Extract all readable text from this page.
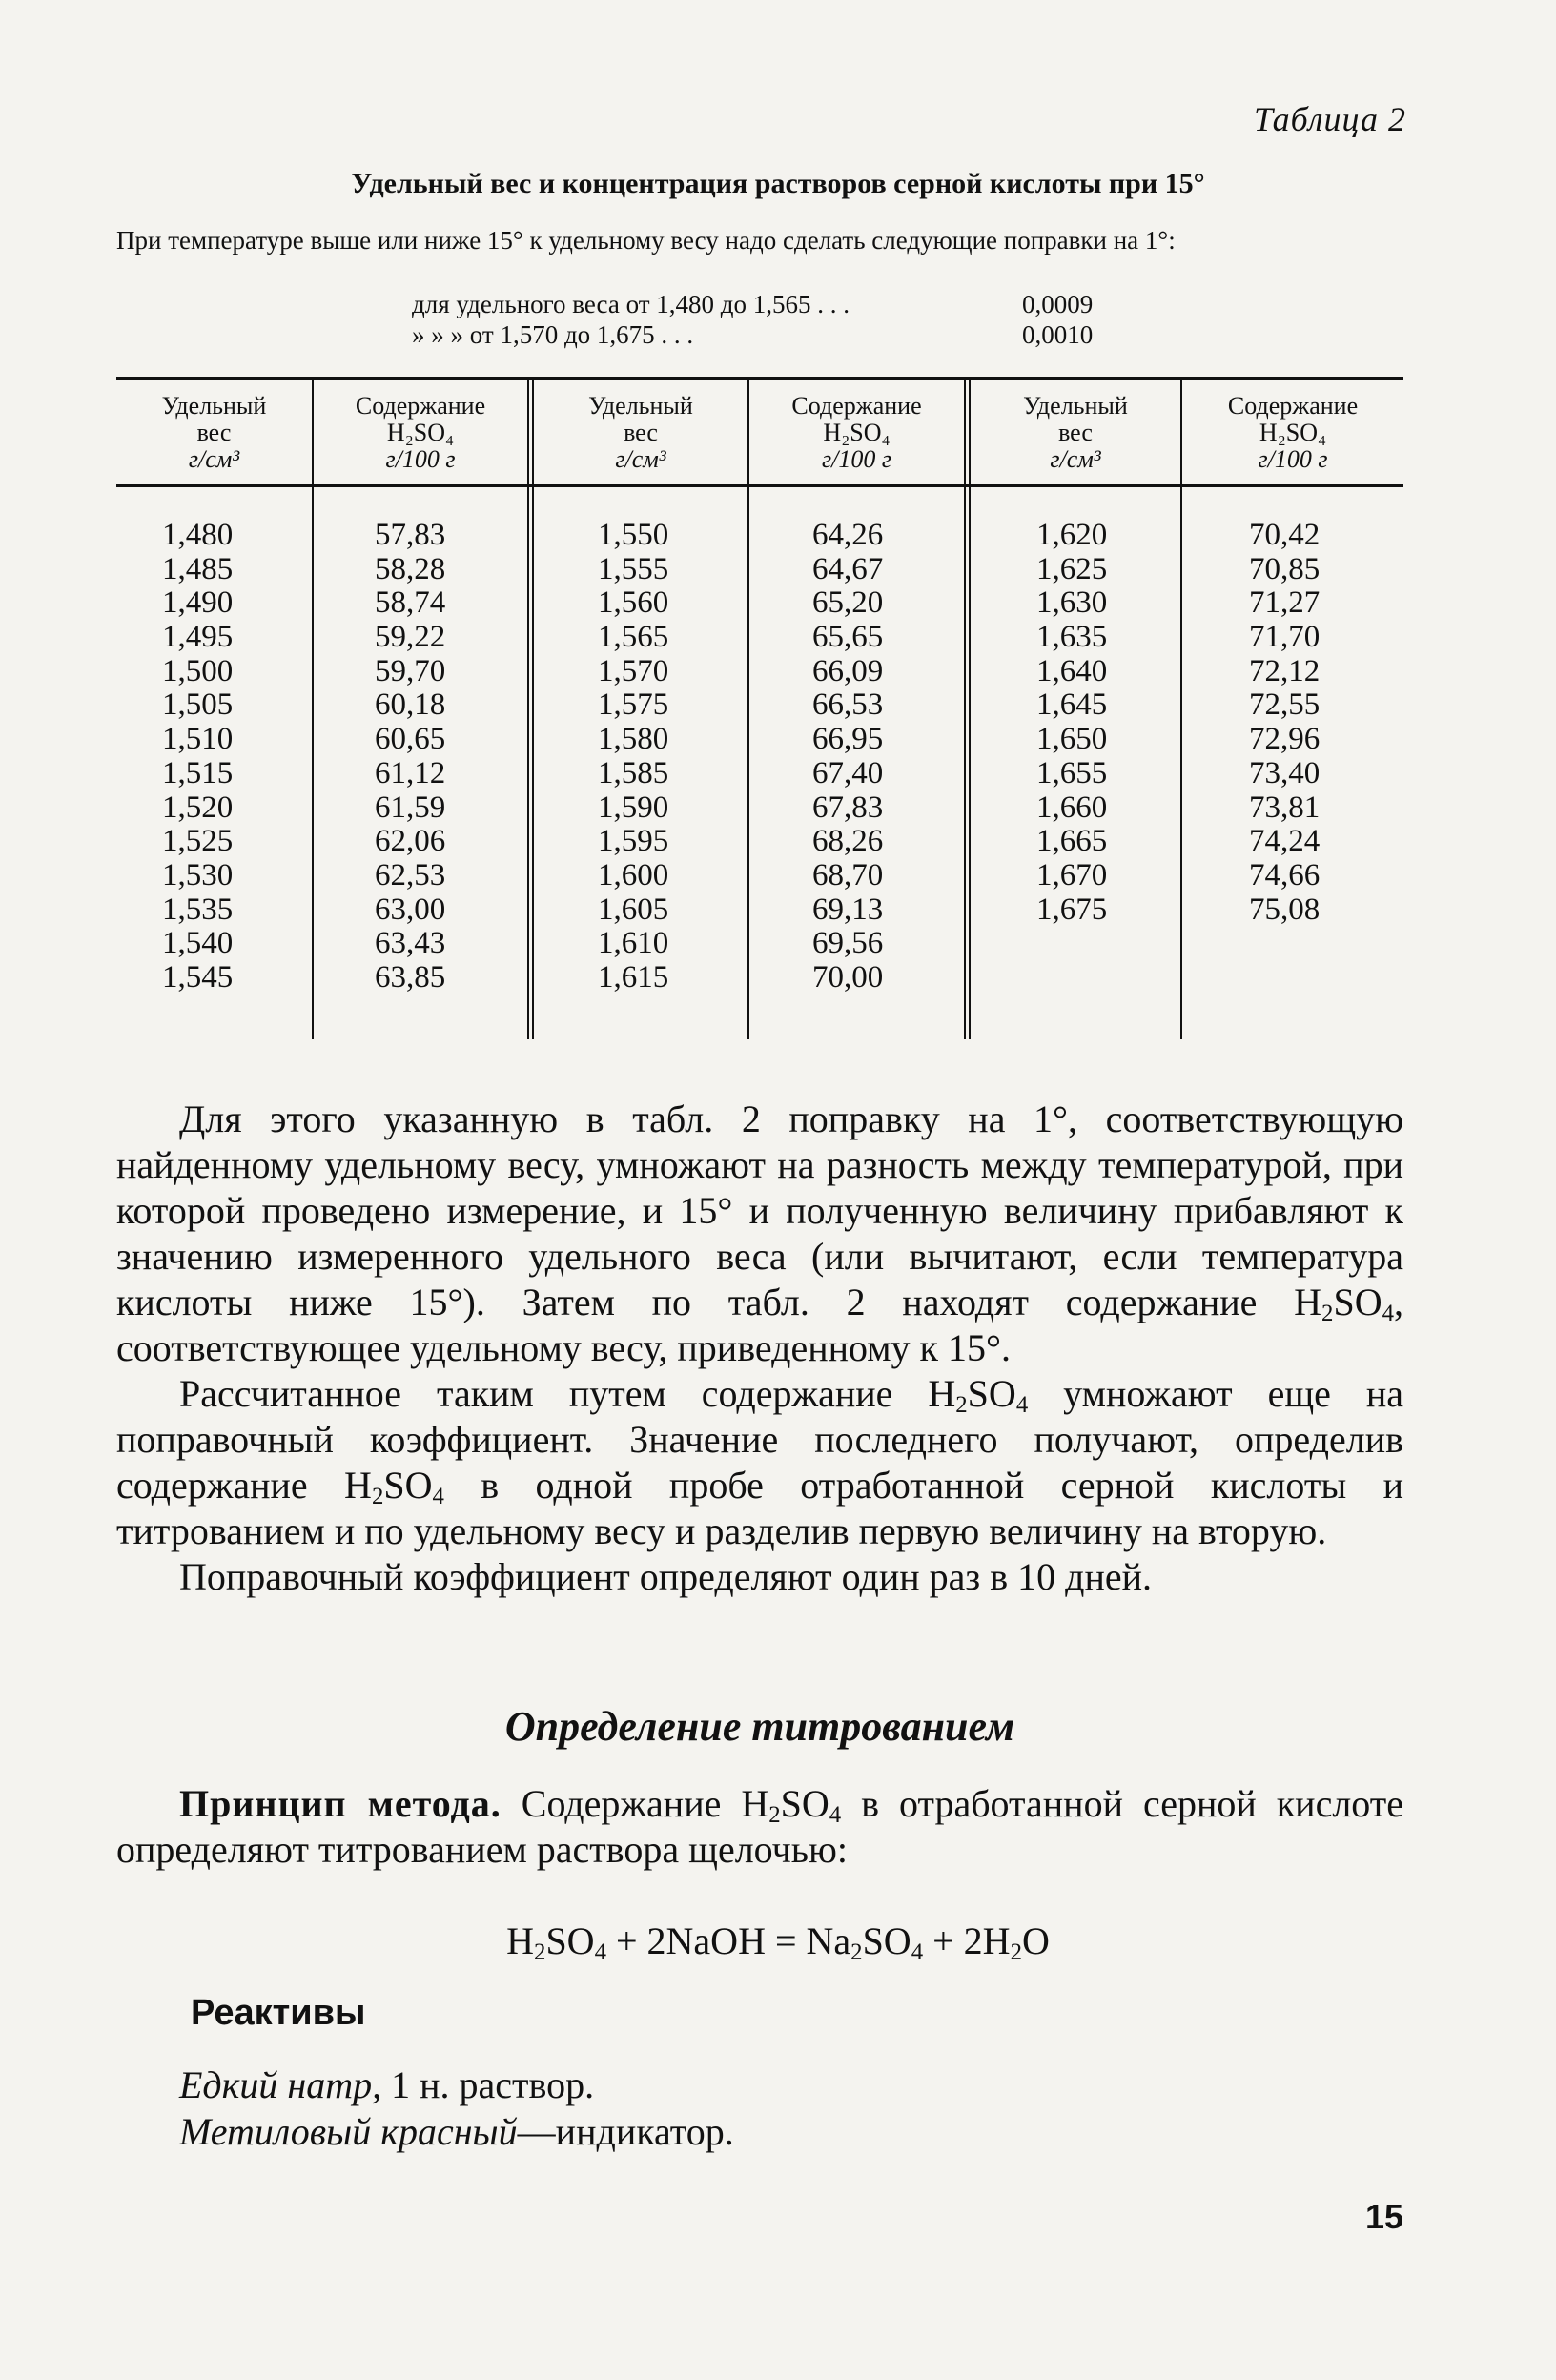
Таблица 2
Удельный вес и концентрация растворов серной кислоты при 15°
При температуре выше или ниже 15° к удельному весу надо сделать следующие поправки на 1°:
для удельного веса от 1,480 до 1,565 . . .	0,0009
» » » от 1,570 до 1,675 . . .	0,0010
Удельный
вес
г/см³
Содержание
H₂SO₄
г/100 г
Удельный
вес
г/см³
Содержание
H₂SO₄
г/100 г
Удельный
вес
г/см³
Содержание
H₂SO₄
г/100 г
1,480
1,485
1,490
1,495
1,500
1,505
1,510
1,515
1,520
1,525
1,530
1,535
1,540
1,545
57,83
58,28
58,74
59,22
59,70
60,18
60,65
61,12
61,59
62,06
62,53
63,00
63,43
63,85
1,550
1,555
1,560
1,565
1,570
1,575
1,580
1,585
1,590
1,595
1,600
1,605
1,610
1,615
64,26
64,67
65,20
65,65
66,09
66,53
66,95
67,40
67,83
68,26
68,70
69,13
69,56
70,00
1,620
1,625
1,630
1,635
1,640
1,645
1,650
1,655
1,660
1,665
1,670
1,675
70,42
70,85
71,27
71,70
72,12
72,55
72,96
73,40
73,81
74,24
74,66
75,08

Для этого указанную в табл. 2 поправку на 1°, соответствующую найденному удельному весу, умножают на разность между температурой, при которой проведено измерение, и 15° и полученную величину прибавляют к значению измеренного удельного веса (или вычитают, если температура кислоты ниже 15°). Затем по табл. 2 находят содержание $H_2SO_4$, соответствующее удельному весу, приведенному к 15°.

Рассчитанное таким путем содержание $H_2SO_4$ умножают еще на поправочный коэффициент. Значение последнего получают, определив содержание $H_2SO_4$ в одной пробе отработанной серной кислоты и титрованием и по удельному весу и разделив первую величину на вторую.

Поправочный коэффициент определяют один раз в 10 дней.

Определение титрованием

Принцип метода. Содержание $H_2SO_4$ в отработанной серной кислоте определяют титрованием раствора щелочью:

$H_2SO_4$ + 2NaOH = $Na_2SO_4 + 2H_2O$
Реактивы
Едкий натр, 1 н. раствор.
Метиловый красный—индикатор.
15
